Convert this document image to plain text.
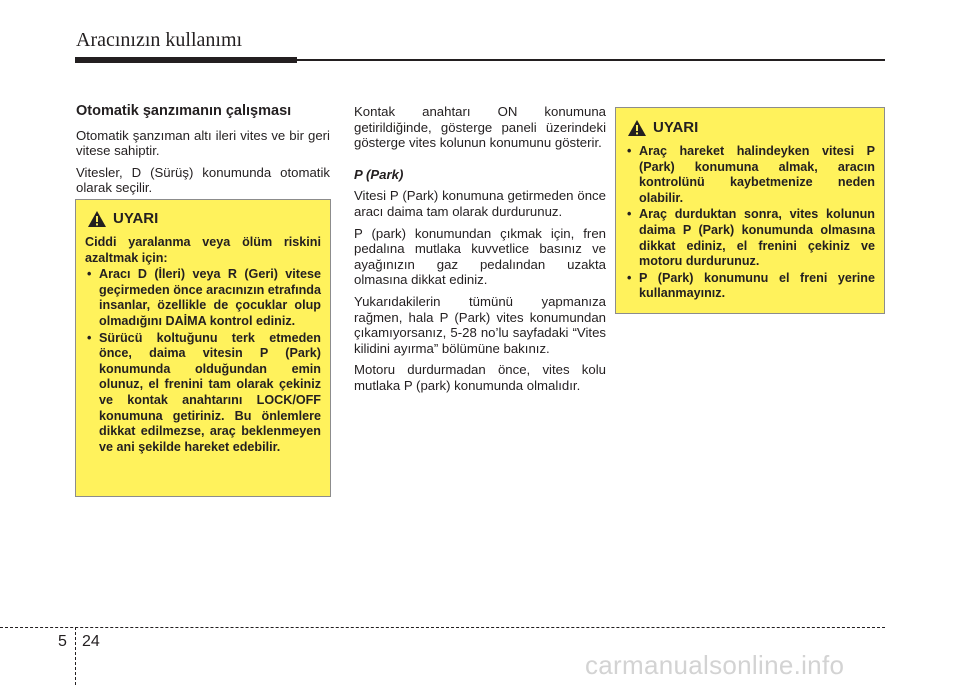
Aracınızın kullanımı

Otomatik şanzımanın çalışması

Otomatik şanzıman altı ileri vites ve bir geri vitese sahiptir.

Vitesler, D (Sürüş) konumunda otomatik olarak seçilir.

UYARI

Ciddi yaralanma veya ölüm riskini azaltmak için:

• Aracı D (İleri) veya R (Geri) vitese geçirmeden önce aracınızın etrafında insanlar, özellikle de çocuklar olup olmadığını DAİMA kontrol ediniz.
• Sürücü koltuğunu terk etmeden önce, daima vitesin P (Park) konumunda olduğundan emin olunuz, el frenini tam olarak çekiniz ve kontak anahtarını LOCK/OFF konumuna getiriniz. Bu önlemlere dikkat edilmezse, araç beklenmeyen ve ani şekilde hareket edebilir.

Kontak anahtarı ON konumuna getirildiğinde, gösterge paneli üzerindeki gösterge vites kolunun konumunu gösterir.

P (Park)

Vitesi P (Park) konumuna getirmeden önce aracı daima tam olarak durdurunuz.

P (park) konumundan çıkmak için, fren pedalına mutlaka kuvvetlice basınız ve ayağınızın gaz pedalından uzakta olmasına dikkat ediniz.

Yukarıdakilerin tümünü yapmanıza rağmen, hala P (Park) vites konumundan çıkamıyorsanız, 5-28 no’lu sayfadaki “Vites kilidini ayırma” bölümüne bakınız.

Motoru durdurmadan önce, vites kolu mutlaka P (park) konumunda olmalıdır.

UYARI
• Araç hareket halindeyken vitesi P (Park) konumuna almak, aracın kontrolünü kaybetmenize neden olabilir.
• Araç durduktan sonra, vites kolunun daima P (Park) konumunda olmasına dikkat ediniz, el frenini çekiniz ve motoru durdurunuz.
• P (Park) konumunu el freni yerine kullanmayınız.
5 24
carmanualsonline.info
